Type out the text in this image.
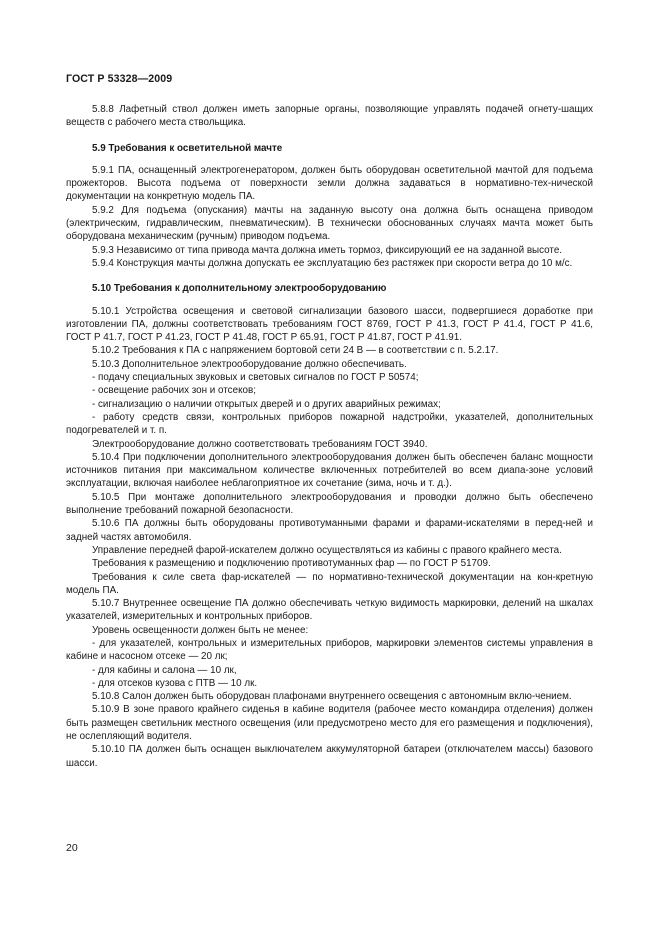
ГОСТ Р 53328—2009

5.8.8 Лафетный ствол должен иметь запорные органы, позволяющие управлять подачей огнету-шащих веществ с рабочего места ствольщика.

5.9 Требования к осветительной мачте

5.9.1 ПА, оснащенный электрогенератором, должен быть оборудован осветительной мачтой для подъема прожекторов. Высота подъема от поверхности земли должна задаваться в нормативно-тех-нической документации на конкретную модель ПА.

5.9.2 Для подъема (опускания) мачты на заданную высоту она должна быть оснащена приводом (электрическим, гидравлическим, пневматическим). В технически обоснованных случаях мачта может быть оборудована механическим (ручным) приводом подъема.

5.9.3 Независимо от типа привода мачта должна иметь тормоз, фиксирующий ее на заданной высоте.

5.9.4 Конструкция мачты должна допускать ее эксплуатацию без растяжек при скорости ветра до 10 м/с.

5.10 Требования к дополнительному электрооборудованию

5.10.1 Устройства освещения и световой сигнализации базового шасси, подвергшиеся доработке при изготовлении ПА, должны соответствовать требованиям ГОСТ 8769, ГОСТ Р 41.3, ГОСТ Р 41.4, ГОСТ Р 41.6, ГОСТ Р 41.7, ГОСТ Р 41.23, ГОСТ Р 41.48, ГОСТ Р 65.91, ГОСТ Р 41.87, ГОСТ Р 41.91.

5.10.2 Требования к ПА с напряжением бортовой сети 24 В — в соответствии с п. 5.2.17.

5.10.3 Дополнительное электрооборудование должно обеспечивать.

- подачу специальных звуковых и световых сигналов по ГОСТ Р 50574;

- освещение рабочих зон и отсеков;

- сигнализацию о наличии открытых дверей и о других аварийных режимах;

- работу средств связи, контрольных приборов пожарной надстройки, указателей, дополнительных подогревателей и т. п.

Электрооборудование должно соответствовать требованиям ГОСТ 3940.

5.10.4 При подключении дополнительного электрооборудования должен быть обеспечен баланс мощности источников питания при максимальном количестве включенных потребителей во всем диапа-зоне условий эксплуатации, включая наиболее неблагоприятное их сочетание (зима, ночь и т. д.).

5.10.5 При монтаже дополнительного электрооборудования и проводки должно быть обеспечено выполнение требований пожарной безопасности.

5.10.6 ПА должны быть оборудованы противотуманными фарами и фарами-искателями в перед-ней и задней частях автомобиля.

Управление передней фарой-искателем должно осуществляться из кабины с правого крайнего места.

Требования к размещению и подключению противотуманных фар — по ГОСТ Р 51709.

Требования к силе света фар-искателей — по нормативно-технической документации на кон-кретную модель ПА.

5.10.7 Внутреннее освещение ПА должно обеспечивать четкую видимость маркировки, делений на шкалах указателей, измерительных и контрольных приборов.

Уровень освещенности должен быть не менее:

- для указателей, контрольных и измерительных приборов, маркировки элементов системы управления в кабине и насосном отсеке — 20 лк;

- для кабины и салона — 10 лк,

- для отсеков кузова с ПТВ — 10 лк.

5.10.8 Салон должен быть оборудован плафонами внутреннего освещения с автономным вклю-чением.

5.10.9 В зоне правого крайнего сиденья в кабине водителя (рабочее место командира отделения) должен быть размещен светильник местного освещения (или предусмотрено место для его размещения и подключения), не ослепляющий водителя.

5.10.10 ПА должен быть оснащен выключателем аккумуляторной батареи (отключателем массы) базового шасси.

20
